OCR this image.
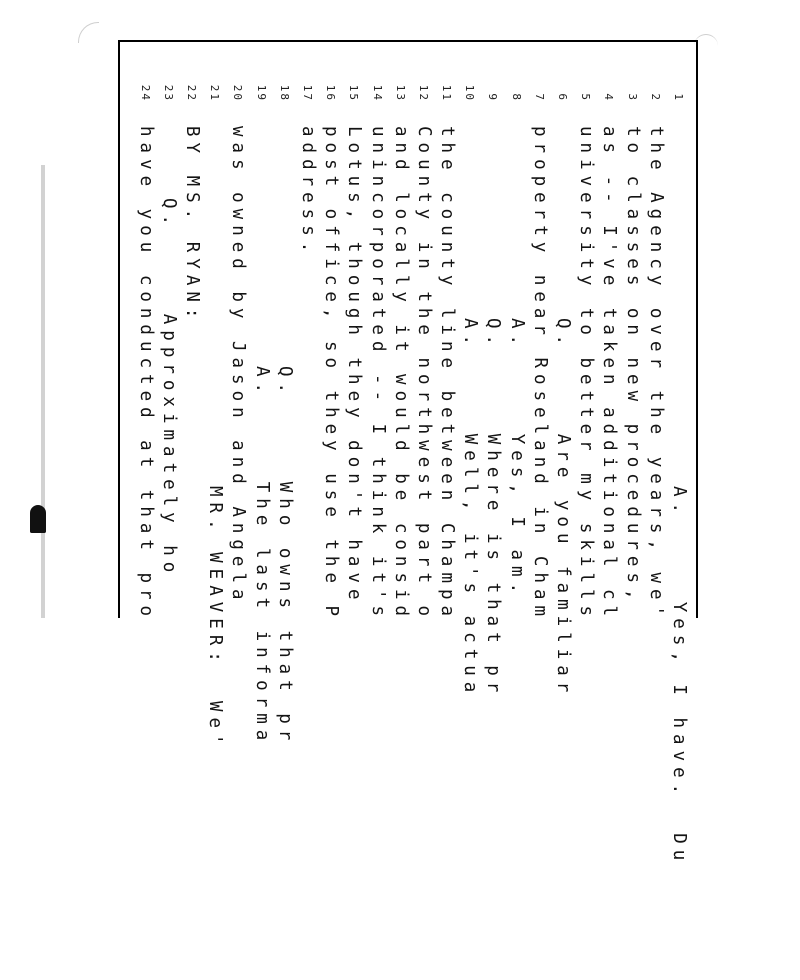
1
A.     Yes, I have.  Du
2
the Agency over the years, we'
3
to classes on new procedures,
4
as -- I've taken additional cl
5
university to better my skills
6
Q.     Are you familiar
7
property near Roseland in Cham
8
A.     Yes, I am.
9
Q.     Where is that pr
10
A.     Well, it's actua
11
the county line between Champa
12
County in the northwest part o
13
and locally it would be consid
14
unincorporated -- I think it's
15
Lotus, though they don't have
16
post office, so they use the P
17
address.
18
Q.     Who owns that pr
19
A.     The last informa
20
was owned by Jason and Angela
21
MR. WEAVER:  We'
22
BY MS. RYAN:
23
Q.     Approximately ho
24
have you conducted at that pro
